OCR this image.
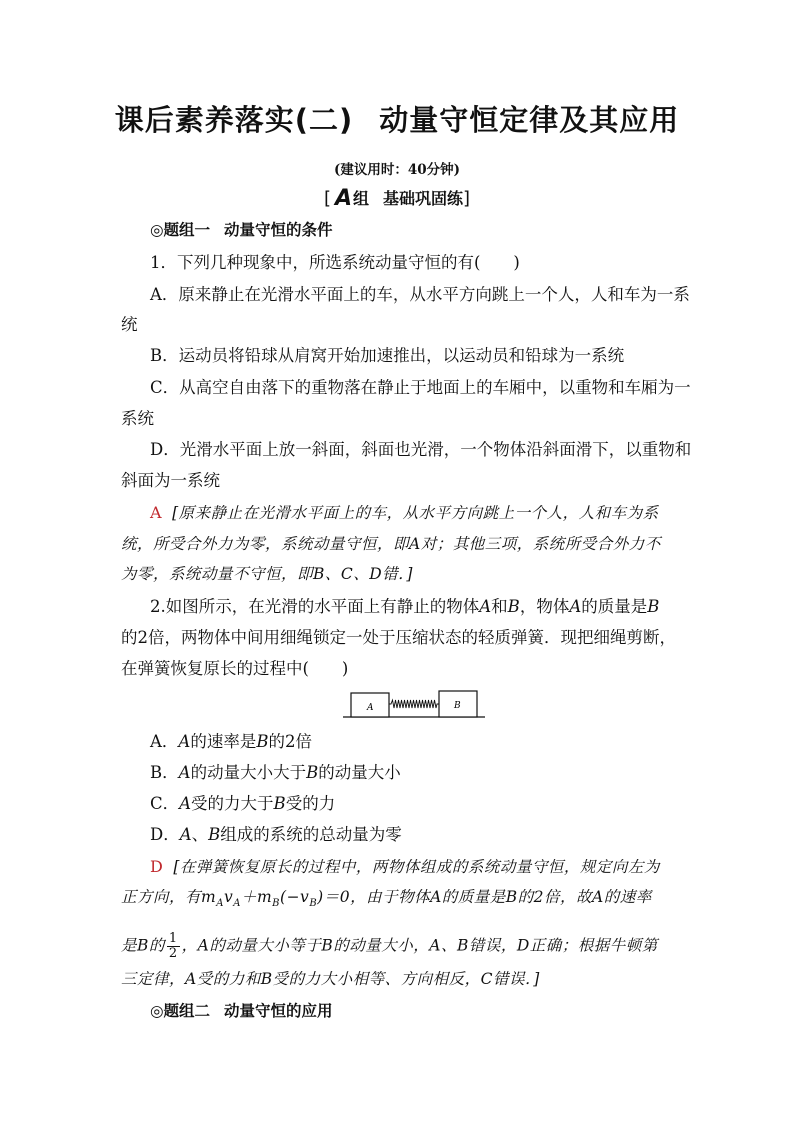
课后素养落实(二) 动量守恒定律及其应用
(建议用时：40分钟)
[ A组 基础巩固练]
◎题组一 动量守恒的条件
1．下列几种现象中，所选系统动量守恒的有(　　)
A．原来静止在光滑水平面上的车，从水平方向跳上一个人，人和车为一系
统
B．运动员将铅球从肩窝开始加速推出，以运动员和铅球为一系统
C．从高空自由落下的重物落在静止于地面上的车厢中，以重物和车厢为一
系统
D．光滑水平面上放一斜面，斜面也光滑，一个物体沿斜面滑下，以重物和
斜面为一系统
A [原来静止在光滑水平面上的车，从水平方向跳上一个人，人和车为系
统，所受合外力为零，系统动量守恒，即A对；其他三项，系统所受合外力不
为零，系统动量不守恒，即B、C、D错．]
2.如图所示，在光滑的水平面上有静止的物体A和B，物体A的质量是B
的2倍，两物体中间用细绳锁定一处于压缩状态的轻质弹簧．现把细绳剪断，
在弹簧恢复原长的过程中(　　)
A	B
A．A的速率是B的2倍
B．A的动量大小大于B的动量大小
C．A受的力大于B受的力
D．A、B组成的系统的总动量为零
D [在弹簧恢复原长的过程中，两物体组成的系统动量守恒，规定向左为
正方向，有$m_Av_A+m_B(-v_B)=0$，由于物体A的质量是B的2倍，故A的速率
是B的 $\frac{1}{2}$ ，A的动量大小等于B的动量大小，A、B错误，D正确；根据牛顿第
三定律，A受的力和B受的力大小相等、方向相反，C错误．]
◎题组二 动量守恒的应用
